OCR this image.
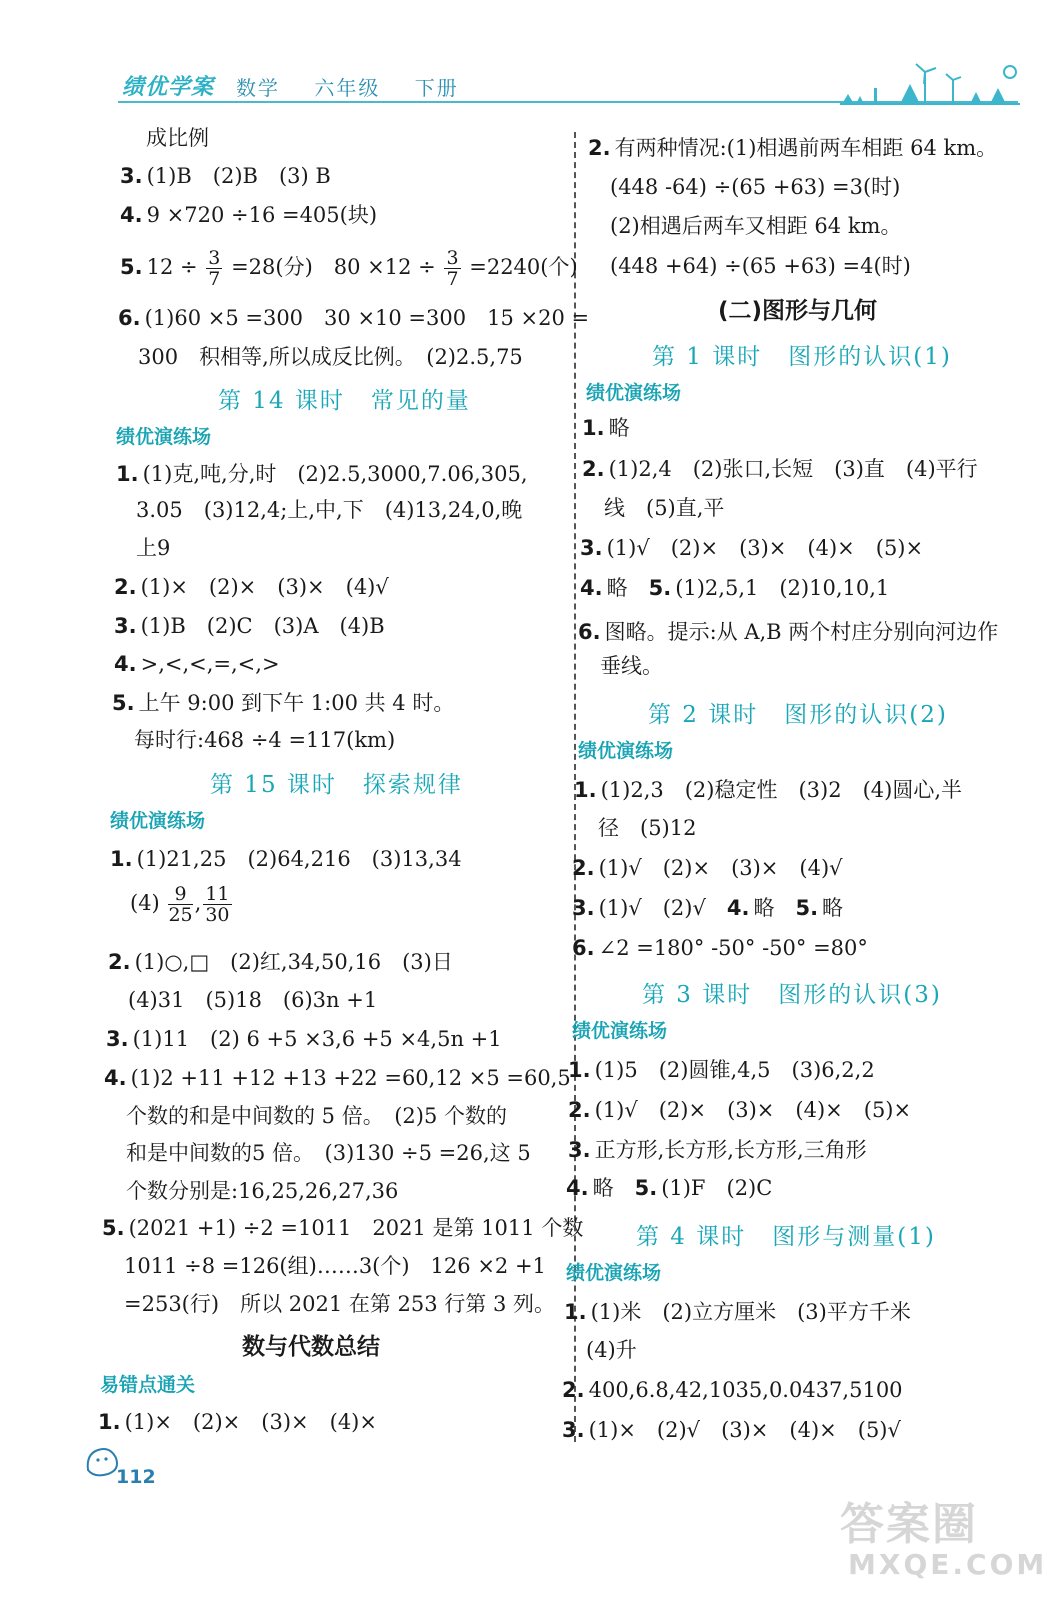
绩优学案 数学 六年级 下册
成比例
3. (1)B　(2)B　(3) B
4. 9 ×720 ÷16 =405(块)
5. $12 \div \frac{3}{7} =28$(分)　$80 \times 12 \div \frac{3}{7} =2240$(个)
6. (1)60 ×5 =300　30 ×10 =300　15 ×20 =
300　积相等,所以成反比例。　(2)2.5,75
第 14 课时 常见的量
绩优演练场
1. (1)克,吨,分,时　(2)2.5,3000,7.06,305,
3.05　(3)12,4;上,中,下　(4)13,24,0,晚
上9
2. (1)×　(2)×　(3)×　(4)√
3. (1)B　(2)C　(3)A　(4)B
4. >,<,<,=,<,>
5. 上午 9:00 到下午 1:00 共 4 时。
每时行:468 ÷4 =117(km)
第 15 课时 探索规律
绩优演练场
1. (1)21,25　(2)64,216　(3)13,34
$(4) \frac{9}{25}$ , $\frac{11}{30}$
2. (1)○,□　(2)红,34,50,16　(3)日
(4)31　(5)18　(6)3n +1
3. (1)11　(2) 6 +5 ×3,6 +5 ×4,5n +1
4. (1)2 +11 +12 +13 +22 =60,12 ×5 =60,5
个数的和是中间数的 5 倍。　(2)5 个数的
和是中间数的5 倍。　(3)130 ÷5 =26,这 5
个数分别是:16,25,26,27,36
5. (2021 +1) ÷2 =1011　2021 是第 1011 个数
1011 ÷8 =126(组)……3(个)　126 ×2 +1
=253(行)　所以 2021 在第 253 行第 3 列。
数与代数总结
易错点通关
1. (1)×　(2)×　(3)×　(4)×
112
2. 有两种情况:(1)相遇前两车相距 64 km。
(448 -64) ÷(65 +63) =3(时)
(2)相遇后两车又相距 64 km。
(448 +64) ÷(65 +63) =4(时)
(二)图形与几何
第 1 课时 图形的认识(1)
绩优演练场
1. 略
2. (1)2,4　(2)张口,长短　(3)直　(4)平行
线　(5)直,平
3. (1)√　(2)×　(3)×　(4)×　(5)×
4. 略　 5. (1)2,5,1　(2)10,10,1
6. 图略。提示:从 A,B 两个村庄分别向河边作
垂线。
第 2 课时 图形的认识(2)
绩优演练场
1. (1)2,3　(2)稳定性　(3)2　(4)圆心,半
径　(5)12
2. (1)√　(2)×　(3)×　(4)√
3. (1)√　(2)√　 4. 略　 5. 略
6. ∠2 =180° -50° -50° =80°
第 3 课时 图形的认识(3)
绩优演练场
1. (1)5　(2)圆锥,4,5　(3)6,2,2
2. (1)√　(2)×　(3)×　(4)×　(5)×
3. 正方形,长方形,长方形,三角形
4. 略　 5. (1)F　(2)C
第 4 课时 图形与测量(1)
绩优演练场
1. (1)米　(2)立方厘米　(3)平方千米
(4)升
2. 400,6.8,42,1035,0.0437,5100
3. (1)×　(2)√　(3)×　(4)×　(5)√
答案圈
MXQE.COM
